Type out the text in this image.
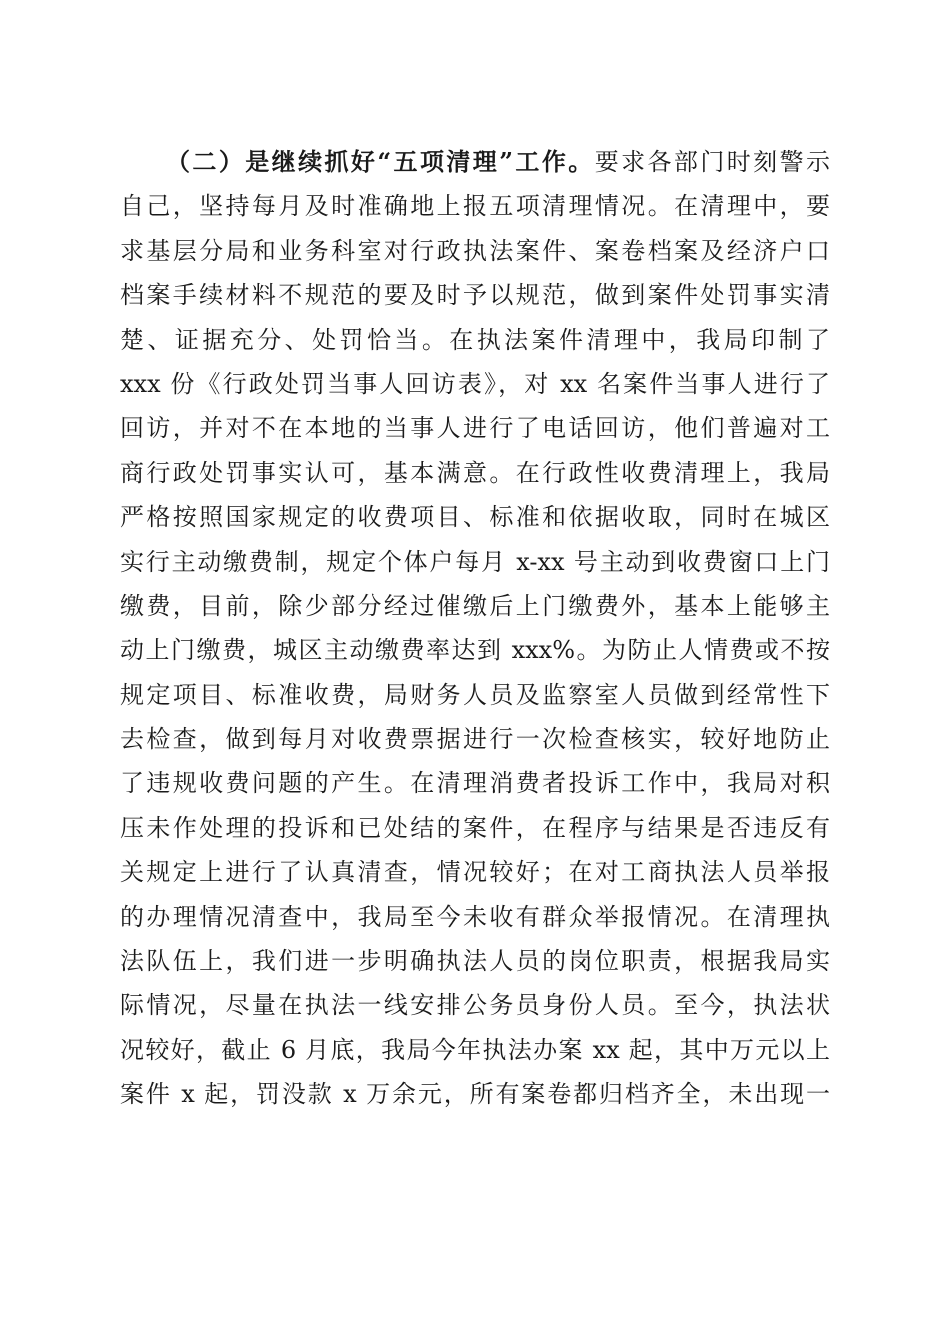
（二）是继续抓好“五项清理”工作。要求各部门时刻警示
自己，坚持每月及时准确地上报五项清理情况。在清理中，要
求基层分局和业务科室对行政执法案件、案卷档案及经济户口
档案手续材料不规范的要及时予以规范，做到案件处罚事实清
楚、证据充分、处罚恰当。在执法案件清理中，我局印制了
xxx 份《行政处罚当事人回访表》，对 xx 名案件当事人进行了
回访，并对不在本地的当事人进行了电话回访，他们普遍对工
商行政处罚事实认可，基本满意。在行政性收费清理上，我局
严格按照国家规定的收费项目、标准和依据收取，同时在城区
实行主动缴费制，规定个体户每月 x-xx 号主动到收费窗口上门
缴费，目前，除少部分经过催缴后上门缴费外，基本上能够主
动上门缴费，城区主动缴费率达到 xxx%。为防止人情费或不按
规定项目、标准收费，局财务人员及监察室人员做到经常性下
去检查，做到每月对收费票据进行一次检查核实，较好地防止
了违规收费问题的产生。在清理消费者投诉工作中，我局对积
压未作处理的投诉和已处结的案件，在程序与结果是否违反有
关规定上进行了认真清查，情况较好；在对工商执法人员举报
的办理情况清查中，我局至今未收有群众举报情况。在清理执
法队伍上，我们进一步明确执法人员的岗位职责，根据我局实
际情况，尽量在执法一线安排公务员身份人员。至今，执法状
况较好，截止 6 月底，我局今年执法办案 xx 起，其中万元以上
案件 x 起，罚没款 x 万余元，所有案卷都归档齐全，未出现一
